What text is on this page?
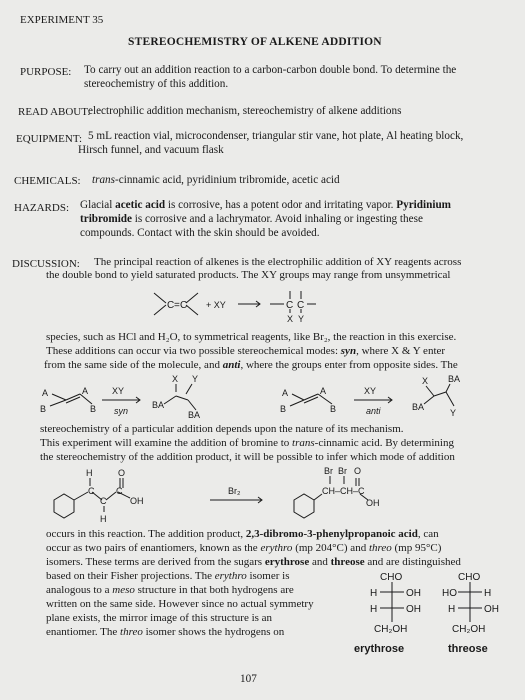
EXPERIMENT 35
STEREOCHEMISTRY OF ALKENE ADDITION
PURPOSE: To carry out an addition reaction to a carbon-carbon double bond. To determine the
stereochemistry of this addition.
READ ABOUT:
electrophilic addition mechanism, stereochemistry of alkene additions
EQUIPMENT: 5 mL reaction vial, microcondenser, triangular stir vane, hot plate, Al heating block,
Hirsch funnel, and vacuum flask
CHEMICALS: trans-cinnamic acid, pyridinium tribromide, acetic acid
HAZARDS: Glacial acetic acid is corrosive, has a potent odor and irritating vapor. Pyridinium
tribromide is corrosive and a lachrymator. Avoid inhaling or ingesting these
compounds. Contact with the skin should be avoided.
DISCUSSION: The principal reaction of alkenes is the electrophilic addition of XY reagents across
the double bond to yield saturated products. The XY groups may range from unsymmetrical
C = C + XY	C C
X Y
species, such as HCl and H₂O, to symmetrical reagents, like Br₂, the reaction in this exercise.
These additions can occur via two possible stereochemical modes: syn, where X & Y enter
from the same side of the molecule, and anti, where the groups enter from opposite sides. The
A	A
B	B
XY
syn
X Y
BA
BA
A	A
B	B
XY
anti
X BA
BA
Y
stereochemistry of a particular addition depends upon the nature of its mechanism.
This experiment will examine the addition of bromine to trans-cinnamic acid. By determining
the stereochemistry of the addition product, it will be possible to infer which mode of addition
H	O
C
C
C
OH
H
Br₂
Br Br O
CH–CH–C
OH
occurs in this reaction. The addition product, 2,3-dibromo-3-phenylpropanoic acid, can
occur as two pairs of enantiomers, known as the erythro (mp 204°C) and threo (mp 95°C)
isomers. These terms are derived from the sugars erythrose and threose and are distinguished
based on their Fisher projections. The erythro isomer is
analogous to a meso structure in that both hydrogens are
written on the same side. However since no actual symmetry
plane exists, the mirror image of this structure is an
enantiomer. The threo isomer shows the hydrogens on
CHO
H	OH
H	OH
CH₂OH
erythrose
CHO
HO	H
H	OH
CH₂OH
threose
107
